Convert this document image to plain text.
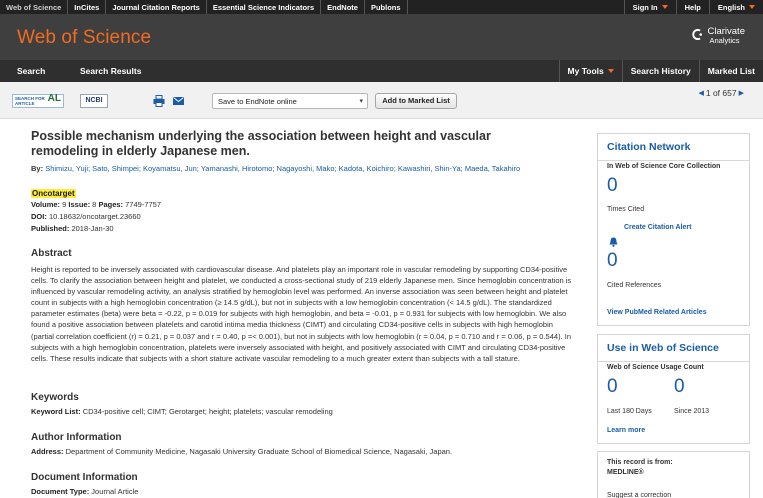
Web of Science	InCites	Journal Citation Reports	Essential Science Indicators	EndNote	Publons	Sign In	Help	English
Web of Science	Clarivate
Analytics
Search	Search Results	My Tools	Search History	Marked List
SEARCH FOR
ARTICLE AL	NCBI	Save to EndNote online	▾	Add to Marked List
◀ 1
of
657 ▶
Possible mechanism underlying the association between height and vascular remodeling in elderly Japanese men.
By: Shimizu, Yuji; Sato, Shimpei; Koyamatsu, Jun; Yamanashi, Hirotomo; Nagayoshi, Mako; Kadota, Koichiro; Kawashiri, Shin-Ya; Maeda, Takahiro
Oncotarget
Volume: 9 Issue: 8 Pages: 7749-7757
DOI: 10.18632/oncotarget.23660
Published: 2018-Jan-30
Abstract
Height is reported to be inversely associated with cardiovascular disease. And platelets play an important role in vascular remodeling by supporting CD34-positive cells. To clarify the association between height and platelet, we conducted a cross-sectional study of 219 elderly Japanese men. Since hemoglobin concentration is influenced by vascular remodeling activity, an analysis stratified by hemoglobin level was performed. An inverse association was seen between height and platelet count in subjects with a high hemoglobin concentration (≥ 14.5 g/dL), but not in subjects with a low hemoglobin concentration (< 14.5 g/dL). The standardized parameter estimates (beta) were beta = -0.22, p = 0.019 for subjects with high hemoglobin, and beta = -0.01, p = 0.931 for subjects with low hemoglobin. We also found a positive association between platelets and carotid intima media thickness (CIMT) and circulating CD34-positive cells in subjects with high hemoglobin (partial correlation coefficient (r) = 0.21, p = 0.037 and r = 0.40, p =< 0.001), but not in subjects with low hemoglobin (r = 0.04, p = 0.710 and r = 0.06, p = 0.544). In subjects with a high hemoglobin concentration, platelets were inversely associated with height, and positively associated with CIMT and circulating CD34-positive cells. These results indicate that subjects with a short stature activate vascular remodeling to a much greater extent than subjects with a tall stature.
Keywords
Keyword List: CD34-positive cell; CIMT; Gerotarget; height; platelets; vascular remodeling
Author Information
Address: Department of Community Medicine, Nagasaki University Graduate School of Biomedical Science, Nagasaki, Japan.
Document Information
Document Type: Journal Article
Citation Network
In Web of Science Core Collection
0
Times Cited
Create Citation Alert
0
Cited References
View PubMed Related Articles
Use in Web of Science
Web of Science Usage Count
0	0
Last 180 Days	Since 2013
Learn more
This record is from:
MEDLINE®
Suggest a correction
